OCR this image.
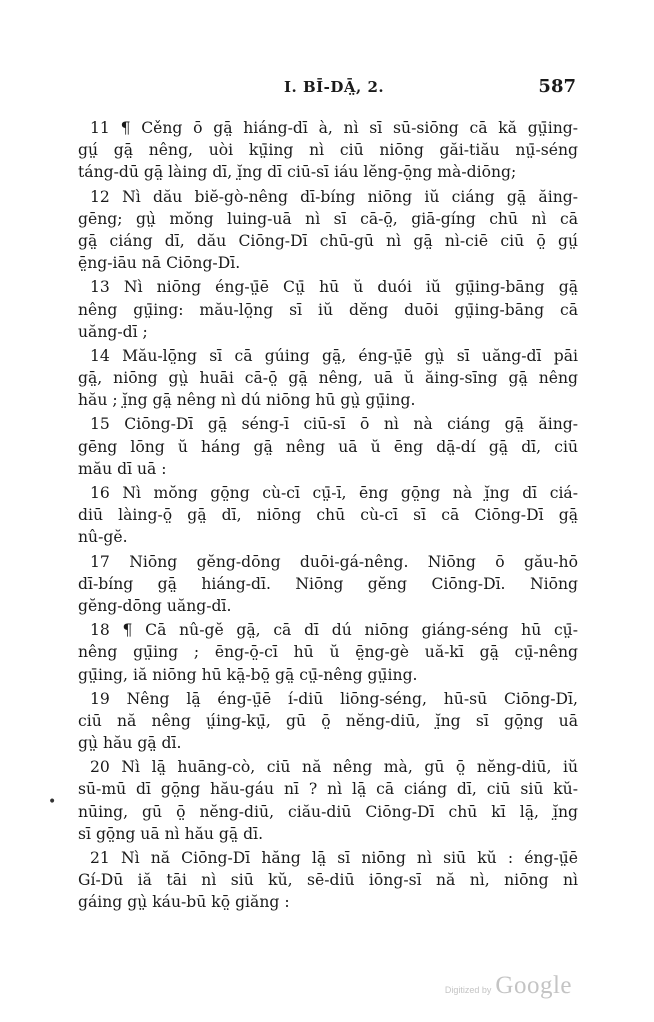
I. BĪ-DĀ̤, 2.	587
11 ¶ Cěng ō gā̤ hiáng-dī à, nì sī sū-siōng cā kă gṳ̄ing-
gṳ́ gā̤ nêng, uòi kṳ̄ing nì ciū niōng găi-tiău nṳ̄-séng
táng-dū gā̤ làing dī, ĭ̤ng dī ciū-sī iáu lĕng-ō̤ng mà-diōng;
12 Nì dău biĕ-gò-nêng dī-bíng niōng iŭ ciáng gā̤ ăing-
gēng; gṳ̀ mŏng luing-uā nì sī cā-ō̤, giā-gíng chū nì cā
gā̤ ciáng dī, dău Ciōng-Dī chū-gū nì gā̤ nì-ciē ciū ō̤ gṳ́
ē̤ng-iāu nā Ciōng-Dī.
13 Nì niōng éng-ṳ̄ē Cṳ̄ hū ŭ duói iŭ gṳ̄ing-bāng gā̤
nêng gṳ̄ing: mău-lō̤ng sī iŭ dĕng duōi gṳ̄ing-bāng cā
uăng-dī ;
14 Mău-lō̤ng sī cā gúing gā̤, éng-ṳ̄ē gṳ̀ sī uăng-dī pāi
gā̤, niōng gṳ̀ huāi cā-ō̤ gā̤ nêng, uā ŭ ăing-sīng gā̤ nêng
hău ; ĭ̤ng gā̤ nêng nì dú niōng hū gṳ̀ gṳ̄ing.
15 Ciōng-Dī gā̤ séng-ī ciū-sī ō nì nà ciáng gā̤ ăing-
gēng lōng ŭ háng gā̤ nêng uā ŭ ēng dā̤-dí gā̤ dī, ciū
mău dī uā :
16 Nì mŏng gō̤ng cù-cī cṳ̄-ī, ēng gō̤ng nà ĭ̤ng dī ciá-
diū làing-ō̤ gā̤ dī, niōng chū cù-cī sī cā Ciōng-Dī gā̤
nû-gĕ.
17 Niōng gĕng-dōng duōi-gá-nêng. Niōng ō gău-hō
dī-bíng gā̤ hiáng-dī. Niōng gĕng Ciōng-Dī. Niōng
gĕng-dōng uăng-dī.
18 ¶ Cā nû-gĕ gā̤, cā dī dú niōng giáng-séng hū cṳ̄-
nêng gṳ̄ing ; ēng-ō̤-cī hū ŭ ē̤ng-gè uă-kī gā̤ cṳ̄-nêng
gṳ̄ing, iă niōng hū kā̤-bō̤ gā̤ cṳ̄-nêng gṳ̄ing.
19 Nêng lā̤ éng-ṳ̄ē í-diū liōng-séng, hū-sū Ciōng-Dī,
ciū nă nêng ṳ́ing-kṳ̄, gū ō̤ nĕng-diū, ĭ̤ng sī gō̤ng uā
gṳ̀ hău gā̤ dī.
20 Nì lā̤ huāng-cò, ciū nă nêng mà, gū ō̤ nĕng-diū, iŭ
sū-mū dī gō̤ng hău-gáu nī ? nì lā̤ cā ciáng dī, ciū siū kŭ-
nūing, gū ō̤ nĕng-diū, ciău-diū Ciōng-Dī chū kī lā̤, ĭ̤ng
sī gō̤ng uā nì hău gā̤ dī.
21 Nì nă Ciōng-Dī hăng lā̤ sī niōng nì siū kŭ : éng-ṳ̄ē
Gí-Dū iă tāi nì siū kŭ, sē-diū iōng-sī nă nì, niōng nì
gáing gṳ̀ káu-bū kō̤ giăng :
•
Digitized by Google
